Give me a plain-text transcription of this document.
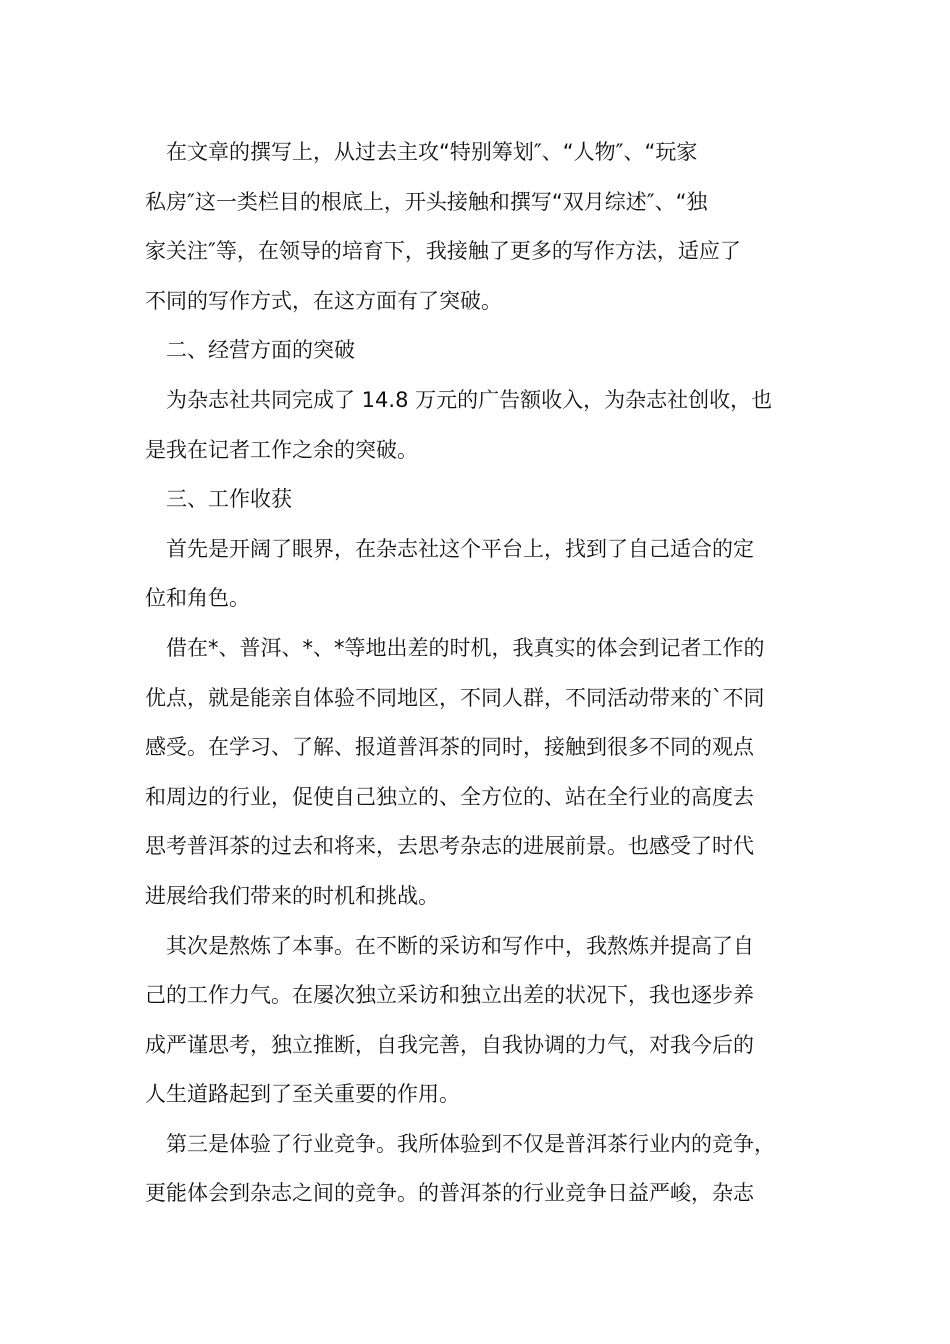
在文章的撰写上，从过去主攻“特别筹划″、“人物″、“玩家
私房″这一类栏目的根底上，开头接触和撰写“双月综述″、“独
家关注″等，在领导的培育下，我接触了更多的写作方法，适应了
不同的写作方式，在这方面有了突破。
二、经营方面的突破
为杂志社共同完成了 14.8 万元的广告额收入，为杂志社创收，也
是我在记者工作之余的突破。
三、工作收获
首先是开阔了眼界，在杂志社这个平台上，找到了自己适合的定
位和角色。
借在*、普洱、*、*等地出差的时机，我真实的体会到记者工作的
优点，就是能亲自体验不同地区，不同人群，不同活动带来的`不同
感受。在学习、了解、报道普洱茶的同时，接触到很多不同的观点
和周边的行业，促使自己独立的、全方位的、站在全行业的高度去
思考普洱茶的过去和将来，去思考杂志的进展前景。也感受了时代
进展给我们带来的时机和挑战。
其次是熬炼了本事。在不断的采访和写作中，我熬炼并提高了自
己的工作力气。在屡次独立采访和独立出差的状况下，我也逐步养
成严谨思考，独立推断，自我完善，自我协调的力气，对我今后的
人生道路起到了至关重要的作用。
第三是体验了行业竞争。我所体验到不仅是普洱茶行业内的竞争，
更能体会到杂志之间的竞争。的普洱茶的行业竞争日益严峻，杂志
